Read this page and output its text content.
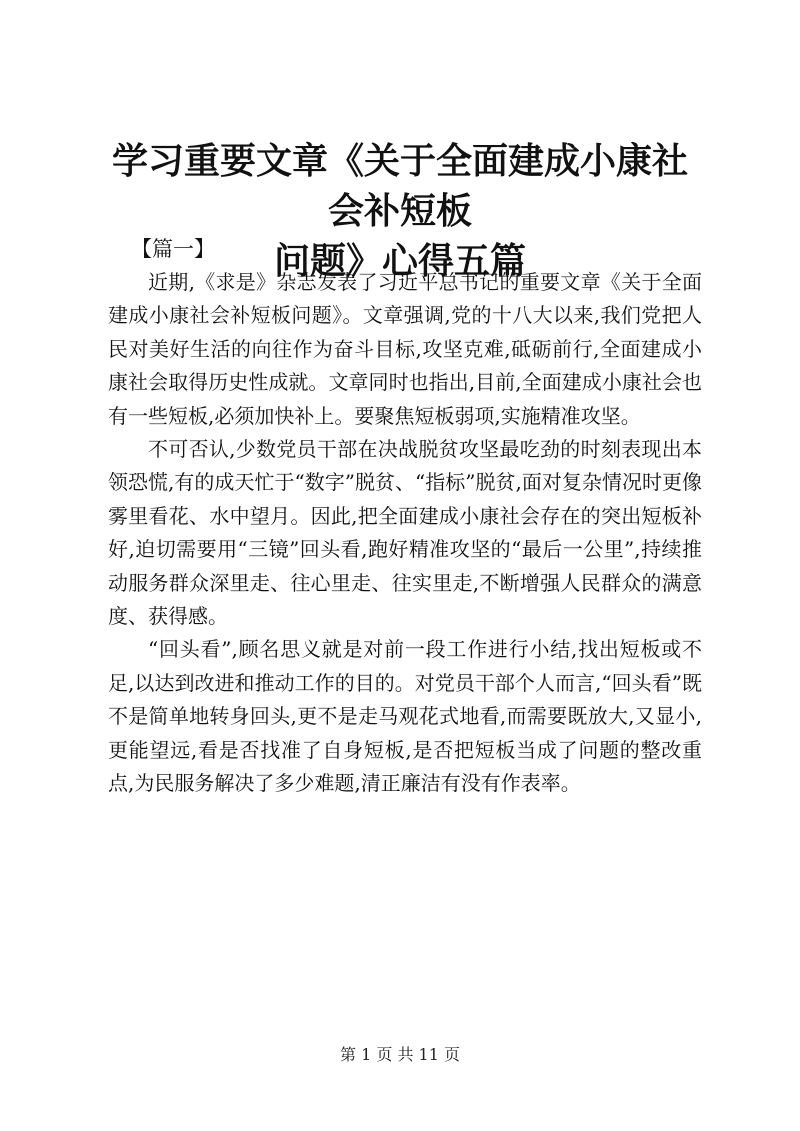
学习重要文章《关于全面建成小康社会补短板
问题》心得五篇
【篇一】

近期,《求是》杂志发表了习近平总书记的重要文章《关于全面建成小康社会补短板问题》。文章强调,党的十八大以来,我们党把人民对美好生活的向往作为奋斗目标,攻坚克难,砥砺前行,全面建成小康社会取得历史性成就。文章同时也指出,目前,全面建成小康社会也有一些短板,必须加快补上。要聚焦短板弱项,实施精准攻坚。

不可否认,少数党员干部在决战脱贫攻坚最吃劲的时刻表现出本领恐慌,有的成天忙于“数字”脱贫、“指标”脱贫,面对复杂情况时更像雾里看花、水中望月。因此,把全面建成小康社会存在的突出短板补好,迫切需要用“三镜”回头看,跑好精准攻坚的“最后一公里”,持续推动服务群众深里走、往心里走、往实里走,不断增强人民群众的满意度、获得感。

“回头看”,顾名思义就是对前一段工作进行小结,找出短板或不足,以达到改进和推动工作的目的。对党员干部个人而言,“回头看”既不是简单地转身回头,更不是走马观花式地看,而需要既放大,又显小,更能望远,看是否找准了自身短板,是否把短板当成了问题的整改重点,为民服务解决了多少难题,清正廉洁有没有作表率。

第 1 页 共 11 页
